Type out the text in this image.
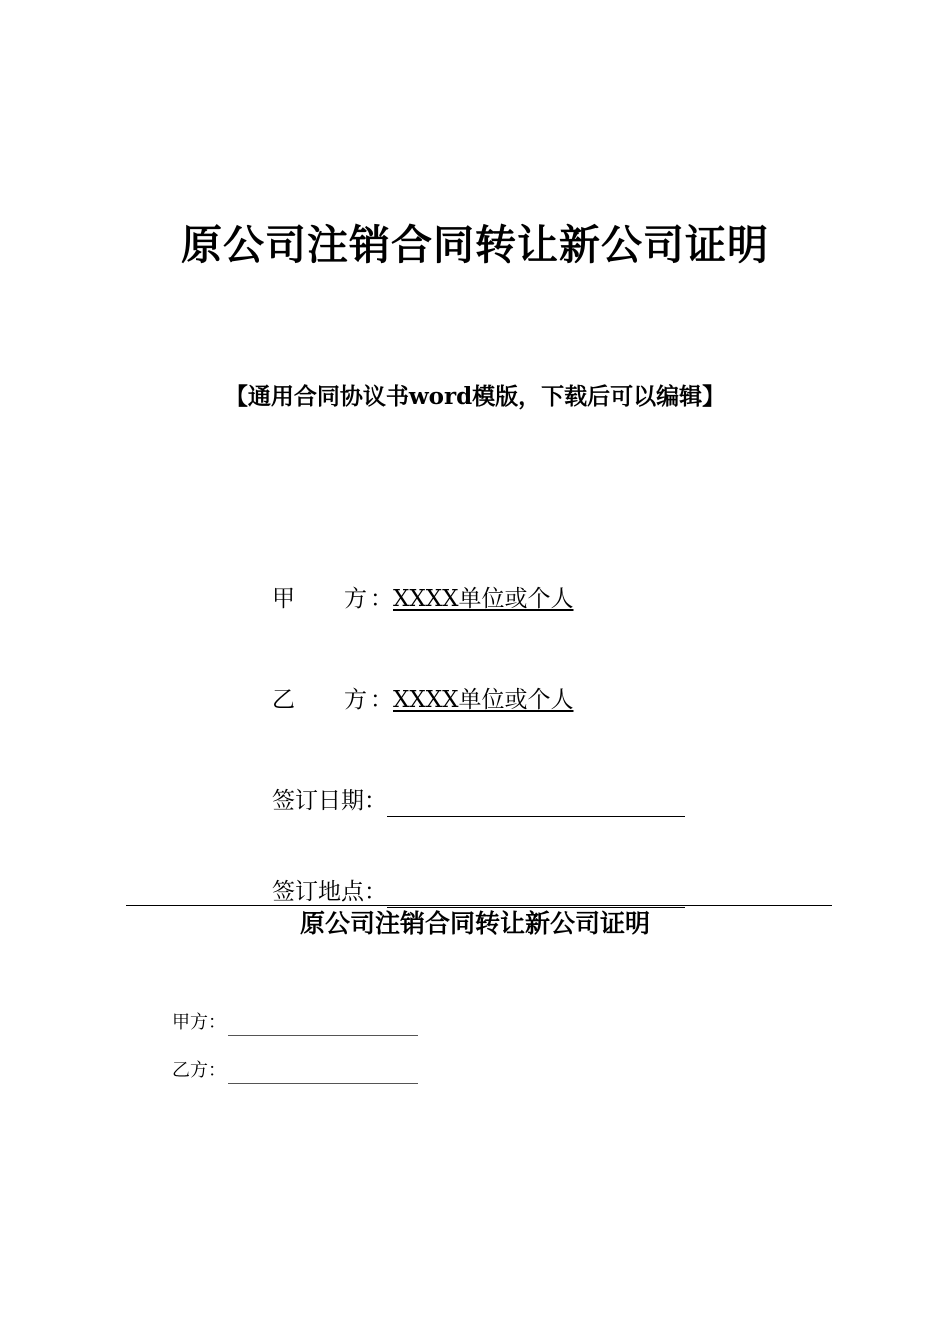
原公司注销合同转让新公司证明
【通用合同协议书word模版，下载后可以编辑】
甲 方 ：XXXX单位或个人
乙 方 ：XXXX单位或个人
签订日期：
签订地点：
原公司注销合同转让新公司证明
甲方：
乙方：
